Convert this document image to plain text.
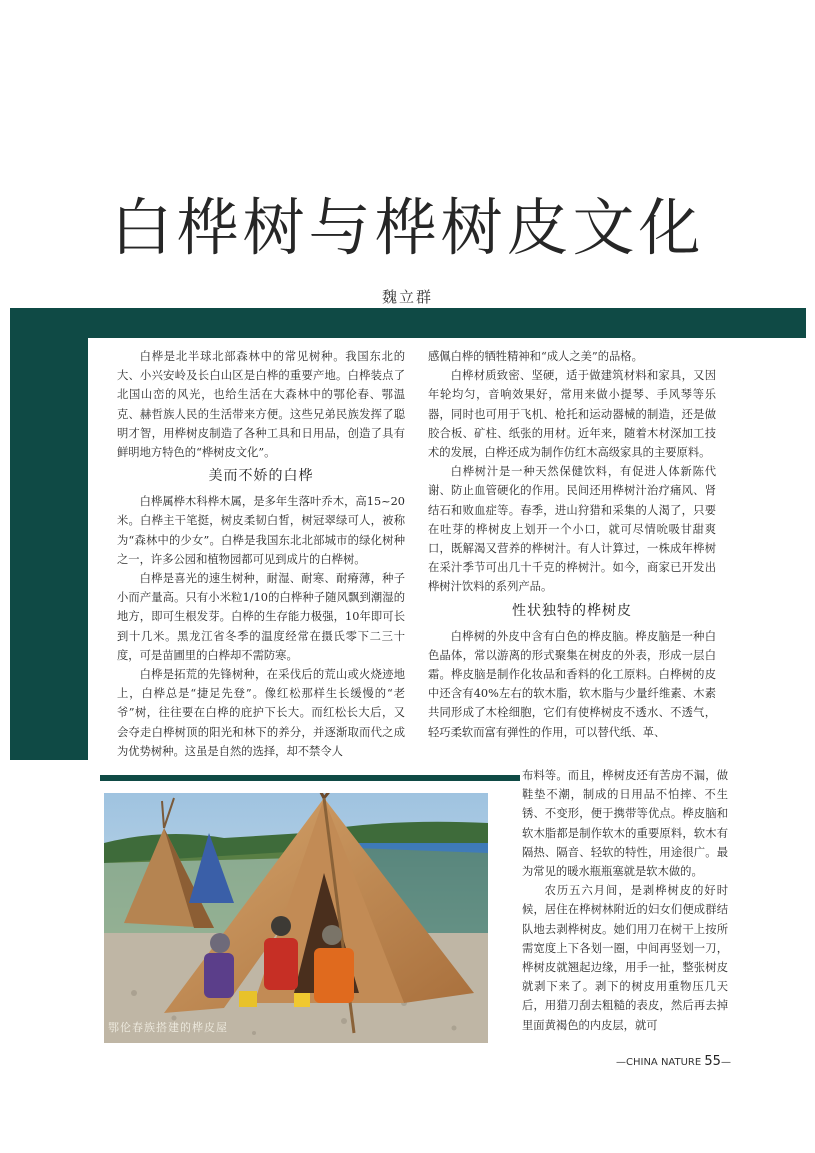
白桦树与桦树皮文化
魏立群

白桦是北半球北部森林中的常见树种。我国东北的大、小兴安岭及长白山区是白桦的重要产地。白桦装点了北国山峦的风光，也给生活在大森林中的鄂伦春、鄂温克、赫哲族人民的生活带来方便。这些兄弟民族发挥了聪明才智，用桦树皮制造了各种工具和日用品，创造了具有鲜明地方特色的“桦树皮文化”。

美而不娇的白桦

白桦属桦木科桦木属，是多年生落叶乔木，高15~20米。白桦主干笔挺，树皮柔韧白皙，树冠翠绿可人，被称为“森林中的少女”。白桦是我国东北北部城市的绿化树种之一，许多公园和植物园都可见到成片的白桦树。

白桦是喜光的速生树种，耐湿、耐寒、耐瘠薄，种子小而产量高。只有小米粒1/10的白桦种子随风飘到潮湿的地方，即可生根发芽。白桦的生存能力极强，10年即可长到十几米。黑龙江省冬季的温度经常在摄氏零下二三十度，可是苗圃里的白桦却不需防寒。

白桦是拓荒的先锋树种，在采伐后的荒山或火烧迹地上，白桦总是“捷足先登”。像红松那样生长缓慢的“老爷”树，往往要在白桦的庇护下长大。而红松长大后，又会夺走白桦树顶的阳光和林下的养分，并逐渐取而代之成为优势树种。这虽是自然的选择，却不禁令人

感佩白桦的牺牲精神和“成人之美”的品格。

白桦材质致密、坚硬，适于做建筑材料和家具，又因年轮均匀，音响效果好，常用来做小提琴、手风琴等乐器，同时也可用于飞机、枪托和运动器械的制造，还是做胶合板、矿柱、纸张的用材。近年来，随着木材深加工技术的发展，白桦还成为制作仿红木高级家具的主要原料。

白桦树汁是一种天然保健饮料，有促进人体新陈代谢、防止血管硬化的作用。民间还用桦树汁治疗痛风、肾结石和败血症等。春季，进山狩猎和采集的人渴了，只要在吐芽的桦树皮上划开一个小口，就可尽情吮吸甘甜爽口，既解渴又营养的桦树汁。有人计算过，一株成年桦树在采汁季节可出几十千克的桦树汁。如今，商家已开发出桦树汁饮料的系列产品。

性状独特的桦树皮

白桦树的外皮中含有白色的桦皮脑。桦皮脑是一种白色晶体，常以游离的形式聚集在树皮的外表，形成一层白霜。桦皮脑是制作化妆品和香料的化工原料。白桦树的皮中还含有40%左右的软木脂，软木脂与少量纤维素、木素共同形成了木栓细胞，它们有使桦树皮不透水、不透气，轻巧柔软而富有弹性的作用，可以替代纸、革、

布料等。而且，桦树皮还有苦房不漏，做鞋垫不潮，制成的日用品不怕摔、不生锈、不变形，便于携带等优点。桦皮脑和软木脂都是制作软木的重要原料，软木有隔热、隔音、轻软的特性，用途很广。最为常见的暖水瓶瓶塞就是软木做的。

农历五六月间，是剥桦树皮的好时候，居住在桦树林附近的妇女们便成群结队地去剥桦树皮。她们用刀在树干上按所需宽度上下各划一圈，中间再竖划一刀，桦树皮就翘起边缘，用手一扯，整张树皮就剥下来了。剥下的树皮用重物压几天后，用猎刀刮去粗糙的表皮，然后再去掉里面黄褐色的内皮层，就可

鄂伦春族搭建的桦皮屋
—CHINA NATURE 55—
